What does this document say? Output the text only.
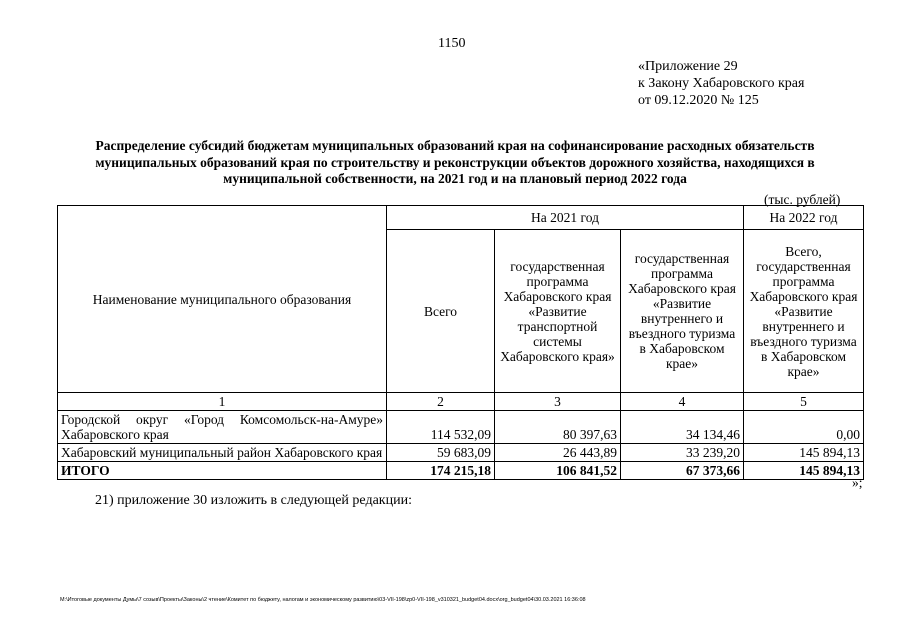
1150
«Приложение 29
к Закону Хабаровского края
от 09.12.2020 № 125
Распределение субсидий бюджетам муниципальных образований края на софинансирование расходных обязательств муниципальных образований края по строительству и реконструкции объектов дорожного хозяйства, находящихся в муниципальной собственности, на 2021 год и на плановый период 2022 года
(тыс. рублей)
Наименование муниципального образования	На 2021 год			На 2022 год
	Всего	государственная программа Хабаровского края «Развитие транспортной системы Хабаровского края»	государственная программа Хабаровского края «Развитие внутреннего и въездного туризма в Хабаровском крае»	Всего, государственная программа Хабаровского края «Развитие внутреннего и въездного туризма в Хабаровском крае»
1	2	3	4	5
Городской округ «Город Комсомольск-на-Амуре» Хабаровского края	114 532,09	80 397,63	34 134,46	0,00
Хабаровский муниципальный район Хабаровского края	59 683,09	26 443,89	33 239,20	145 894,13
ИТОГО	174 215,18	106 841,52	67 373,66	145 894,13
»;
21) приложение 30 изложить в следующей редакции:
M:\Итоговые документы Думы\7 созыв\Проекты\Законы\2 чтение\Комитет по бюджету, налогам и экономическому развитию\03-VII-198\zp0-VII-198_v310321_budget04.docx\org_budget04\30.03.2021 16:36:08
